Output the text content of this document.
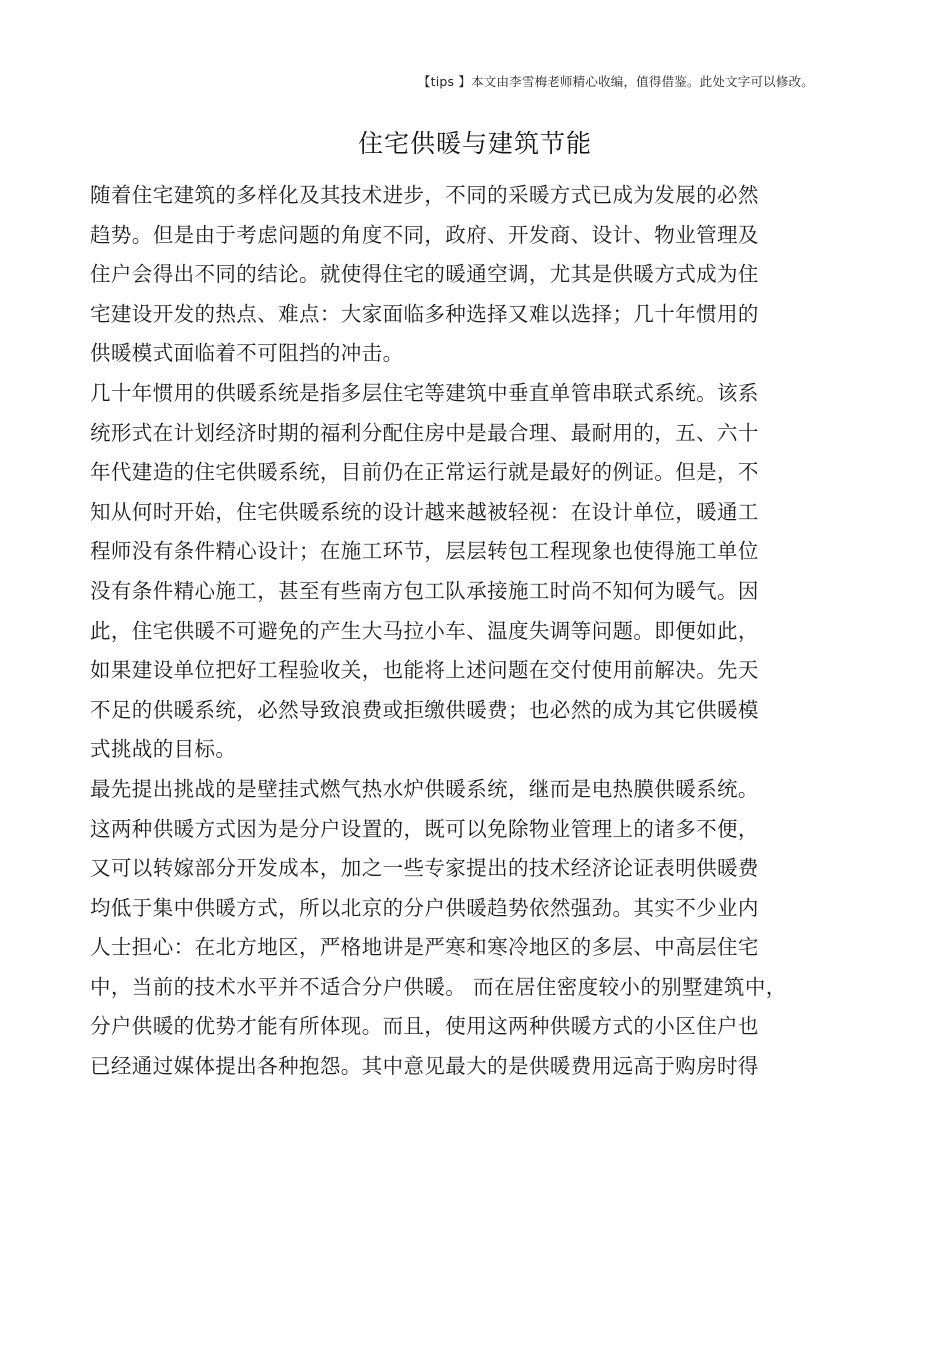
【tips 】本文由李雪梅老师精心收编，值得借鉴。此处文字可以修改。
住宅供暖与建筑节能
随着住宅建筑的多样化及其技术进步，不同的采暖方式已成为发展的必然
趋势。但是由于考虑问题的角度不同，政府、开发商、设计、物业管理及
住户会得出不同的结论。就使得住宅的暖通空调，尤其是供暖方式成为住
宅建设开发的热点、难点：大家面临多种选择又难以选择；几十年惯用的
供暖模式面临着不可阻挡的冲击。
几十年惯用的供暖系统是指多层住宅等建筑中垂直单管串联式系统。该系
统形式在计划经济时期的福利分配住房中是最合理、最耐用的，五、六十
年代建造的住宅供暖系统，目前仍在正常运行就是最好的例证。但是，不
知从何时开始，住宅供暖系统的设计越来越被轻视：在设计单位，暖通工
程师没有条件精心设计；在施工环节，层层转包工程现象也使得施工单位
没有条件精心施工，甚至有些南方包工队承接施工时尚不知何为暖气。因
此，住宅供暖不可避免的产生大马拉小车、温度失调等问题。即便如此，
如果建设单位把好工程验收关，也能将上述问题在交付使用前解决。先天
不足的供暖系统，必然导致浪费或拒缴供暖费；也必然的成为其它供暖模
式挑战的目标。
最先提出挑战的是壁挂式燃气热水炉供暖系统，继而是电热膜供暖系统。
这两种供暖方式因为是分户设置的，既可以免除物业管理上的诸多不便，
又可以转嫁部分开发成本，加之一些专家提出的技术经济论证表明供暖费
均低于集中供暖方式，所以北京的分户供暖趋势依然强劲。其实不少业内
人士担心：在北方地区，严格地讲是严寒和寒冷地区的多层、中高层住宅
中，当前的技术水平并不适合分户供暖。 而在居住密度较小的别墅建筑中，
分户供暖的优势才能有所体现。而且，使用这两种供暖方式的小区住户也
已经通过媒体提出各种抱怨。其中意见最大的是供暖费用远高于购房时得
